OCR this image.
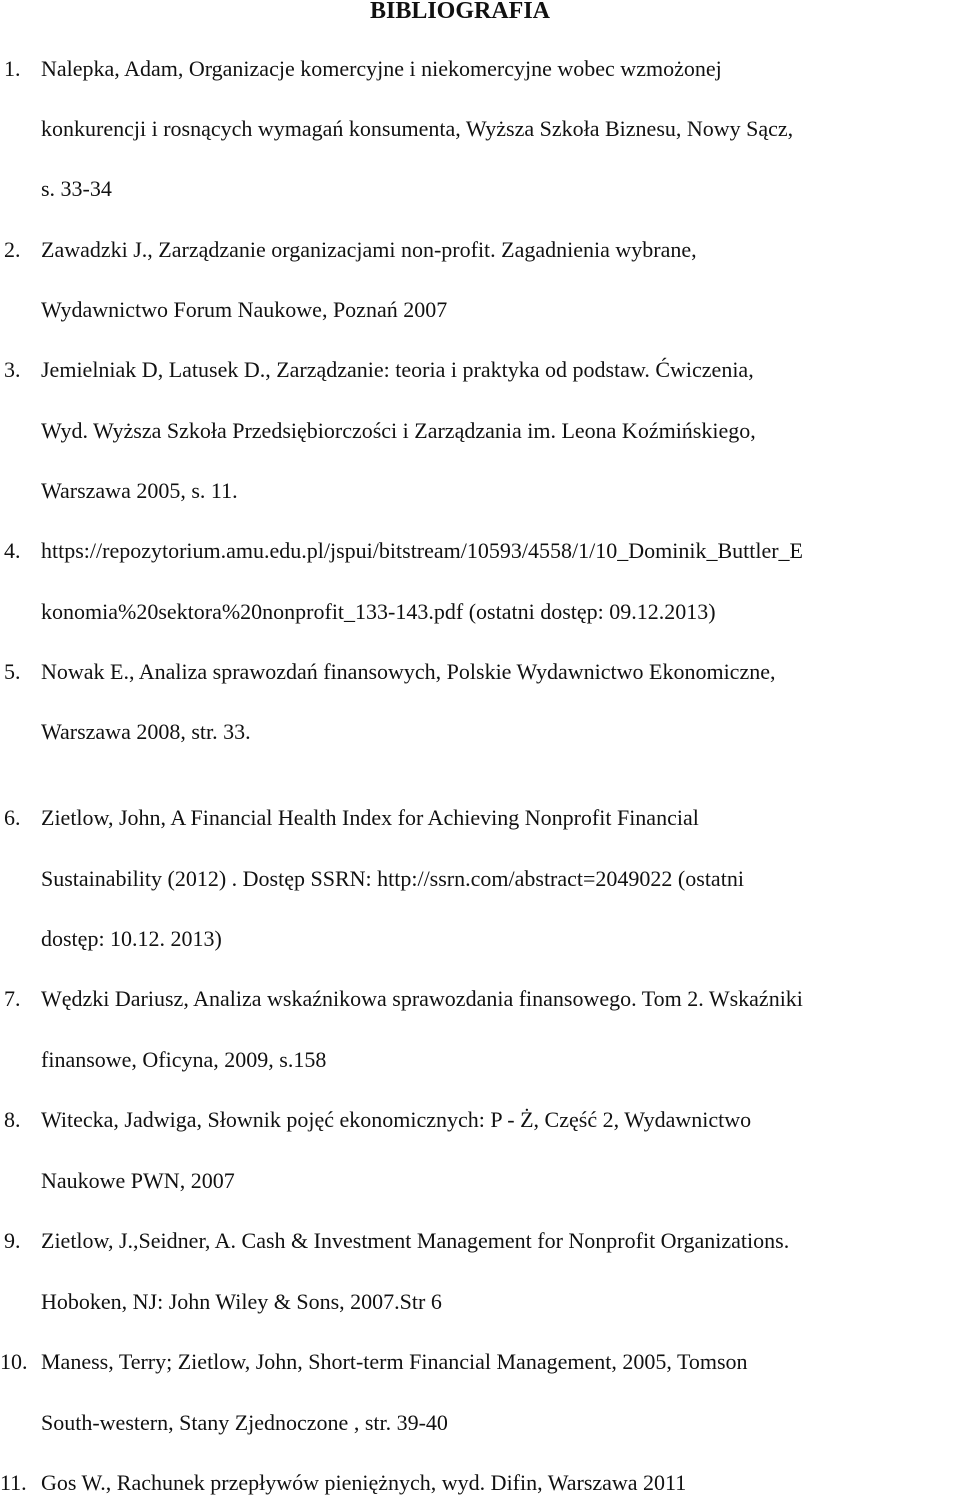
BIBLIOGRAFIA
1. Nalepka, Adam, Organizacje komercyjne i niekomercyjne wobec wzmożonej
konkurencji i rosnących wymagań konsumenta, Wyższa Szkoła Biznesu, Nowy Sącz,
s. 33-34
2. Zawadzki J., Zarządzanie organizacjami non-profit. Zagadnienia wybrane,
Wydawnictwo Forum Naukowe, Poznań 2007
3. Jemielniak D, Latusek D., Zarządzanie: teoria i praktyka od podstaw. Ćwiczenia,
Wyd. Wyższa Szkoła Przedsiębiorczości i Zarządzania im. Leona Koźmińskiego,
Warszawa 2005, s. 11.
4. https://repozytorium.amu.edu.pl/jspui/bitstream/10593/4558/1/10_Dominik_Buttler_E
konomia%20sektora%20nonprofit_133-143.pdf (ostatni dostęp: 09.12.2013)
5. Nowak E., Analiza sprawozdań finansowych, Polskie Wydawnictwo Ekonomiczne,
Warszawa 2008, str. 33.
6. Zietlow, John, A Financial Health Index for Achieving Nonprofit Financial
Sustainability (2012) . Dostęp SSRN: http://ssrn.com/abstract=2049022 (ostatni
dostęp: 10.12. 2013)
7. Wędzki Dariusz, Analiza wskaźnikowa sprawozdania finansowego. Tom 2. Wskaźniki
finansowe, Oficyna, 2009, s.158
8. Witecka, Jadwiga, Słownik pojęć ekonomicznych: P - Ż, Część 2, Wydawnictwo
Naukowe PWN, 2007
9. Zietlow, J.,Seidner, A. Cash & Investment Management for Nonprofit Organizations.
Hoboken, NJ: John Wiley & Sons, 2007.Str 6
10. Maness, Terry; Zietlow, John, Short-term Financial Management, 2005, Tomson
South-western, Stany Zjednoczone , str. 39-40
11. Gos W., Rachunek przepływów pieniężnych, wyd. Difin, Warszawa 2011
